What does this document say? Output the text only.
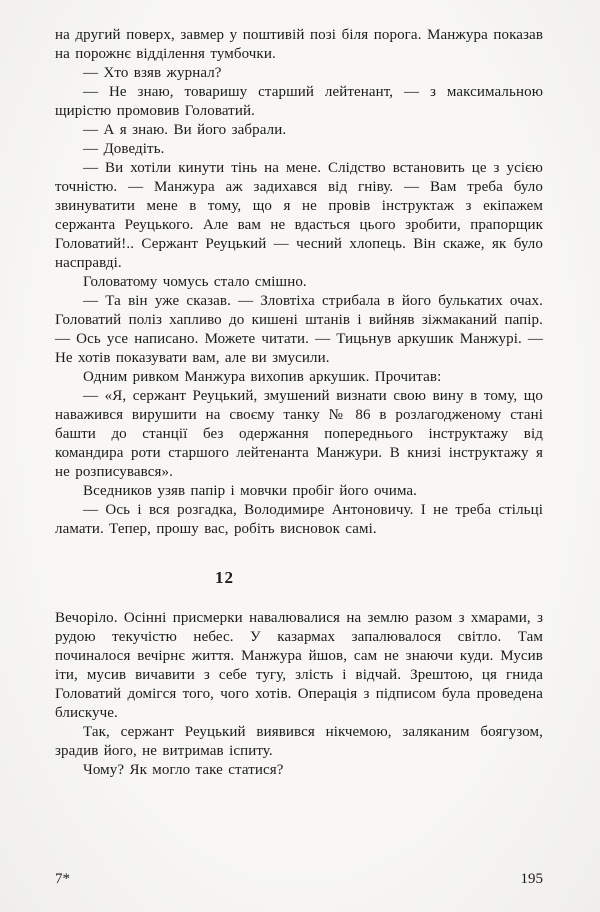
на другий поверх, завмер у поштивій позі біля порога. Манжура показав на порожнє відділення тумбочки.

— Хто взяв журнал?

— Не знаю, товаришу старший лейтенант, — з максимальною щирістю промовив Головатий.

— А я знаю. Ви його забрали.

— Доведіть.

— Ви хотіли кинути тінь на мене. Слідство встановить це з усією точністю. — Манжура аж задихався від гніву. — Вам треба було звинуватити мене в тому, що я не провів інструктаж з екіпажем сержанта Реуцького. Але вам не вдасться цього зробити, прапорщик Головатий!.. Сержант Реуцький — чесний хлопець. Він скаже, як було насправді.

Головатому чомусь стало смішно.

— Та він уже сказав. — Зловтіха стрибала в його булькатих очах. Головатий поліз хапливо до кишені штанів і вийняв зіжмаканий папір. — Ось усе написано. Можете читати. — Тицьнув аркушик Манжурі. — Не хотів показувати вам, але ви змусили.

Одним ривком Манжура вихопив аркушик. Прочитав:

— «Я, сержант Реуцький, змушений визнати свою вину в тому, що наважився вирушити на своєму танку № 86 в розлагодженому стані башти до станції без одержання попереднього інструктажу від командира роти старшого лейтенанта Манжури. В книзі інструктажу я не розписувався».

Вседников узяв папір і мовчки пробіг його очима.

— Ось і вся розгадка, Володимире Антоновичу. І не треба стільці ламати. Тепер, прошу вас, робіть висновок самі.

12

Вечоріло. Осінні присмерки навалювалися на землю разом з хмарами, з рудою текучістю небес. У казармах запалювалося світло. Там починалося вечірнє життя. Манжура йшов, сам не знаючи куди. Мусив іти, мусив вичавити з себе тугу, злість і відчай. Зрештою, ця гнида Головатий домігся того, чого хотів. Операція з підписом була проведена блискуче.

Так, сержант Реуцький виявився нікчемою, заляканим боягузом, зрадив його, не витримав іспиту.

Чому? Як могло таке статися?

7*	195
